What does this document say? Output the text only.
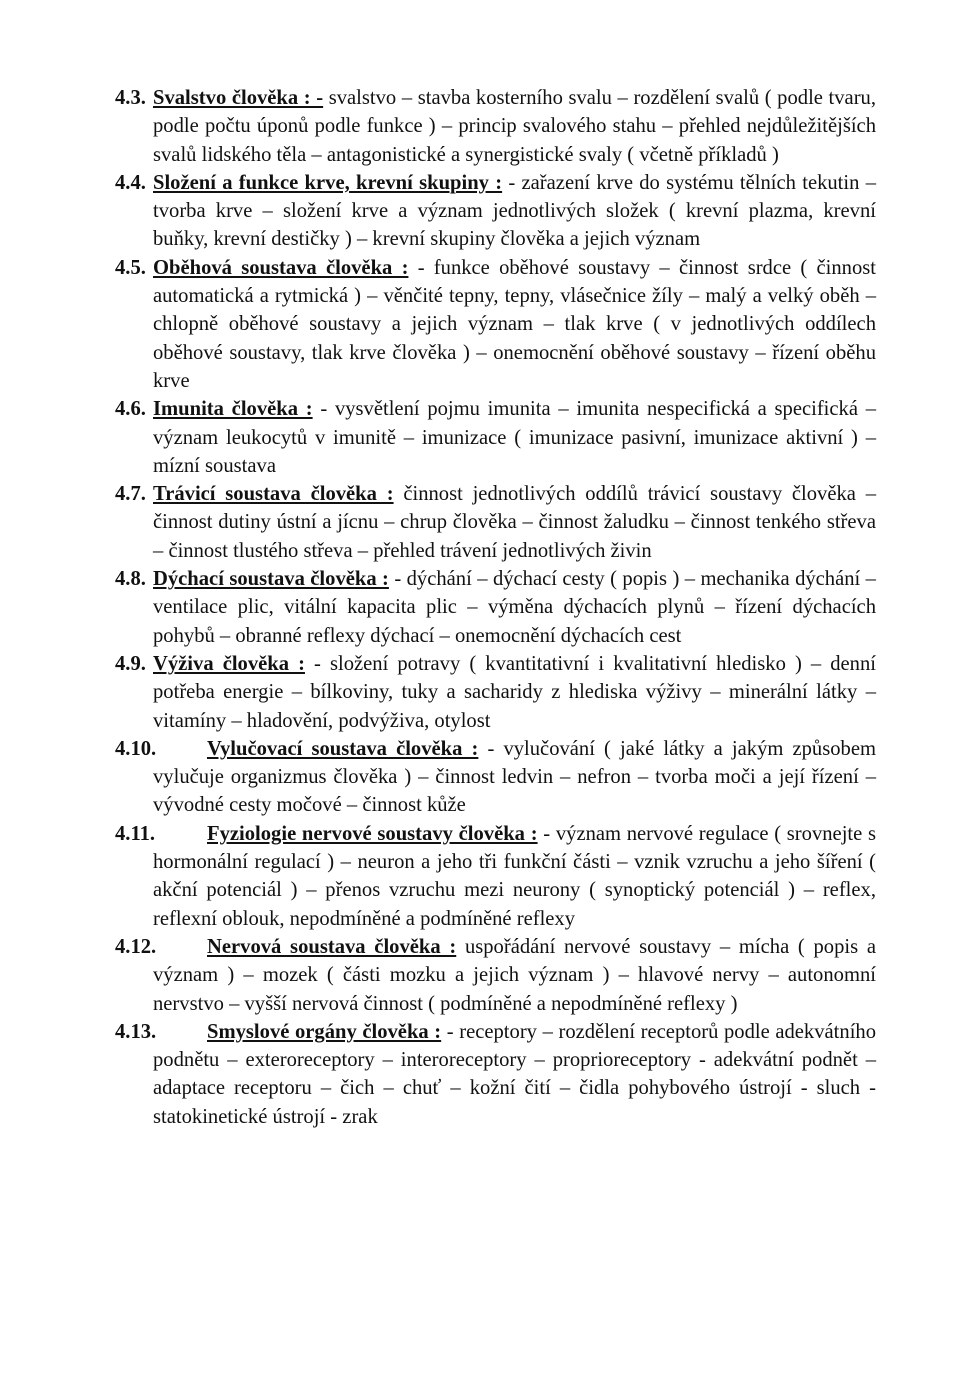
4.3. Svalstvo člověka : - svalstvo – stavba kosterního svalu – rozdělení svalů ( podle tvaru, podle počtu úponů podle funkce ) – princip svalového stahu – přehled nejdůležitějších svalů lidského těla – antagonistické a synergistické svaly ( včetně příkladů )
4.4. Složení a funkce krve, krevní skupiny : - zařazení krve do systému tělních tekutin – tvorba krve – složení krve a význam jednotlivých složek ( krevní plazma, krevní buňky, krevní destičky ) – krevní skupiny člověka a jejich význam
4.5. Oběhová soustava člověka : - funkce oběhové soustavy – činnost srdce ( činnost automatická a rytmická ) – věnčité tepny, tepny, vlásečnice žíly – malý a velký oběh – chlopně oběhové soustavy a jejich význam – tlak krve ( v jednotlivých oddílech oběhové soustavy, tlak krve člověka ) – onemocnění oběhové soustavy – řízení oběhu krve
4.6. Imunita člověka : - vysvětlení pojmu imunita – imunita nespecifická a specifická – význam leukocytů v imunitě – imunizace ( imunizace pasivní, imunizace aktivní ) – mízní soustava
4.7. Trávicí soustava člověka : činnost jednotlivých oddílů trávicí soustavy člověka – činnost dutiny ústní a jícnu – chrup člověka – činnost žaludku – činnost tenkého střeva – činnost tlustého střeva – přehled trávení jednotlivých živin
4.8. Dýchací soustava člověka : - dýchání – dýchací cesty ( popis ) – mechanika dýchání – ventilace plic, vitální kapacita plic – výměna dýchacích plynů – řízení dýchacích pohybů – obranné reflexy dýchací – onemocnění dýchacích cest
4.9. Výživa člověka : - složení potravy ( kvantitativní i kvalitativní hledisko ) – denní potřeba energie – bílkoviny, tuky a sacharidy z hlediska výživy – minerální látky – vitamíny – hladovění, podvýživa, otylost
4.10. Vylučovací soustava člověka : - vylučování ( jaké látky a jakým způsobem vylučuje organizmus člověka ) – činnost ledvin – nefron – tvorba moči a její řízení – vývodné cesty močové – činnost kůže
4.11.	Fyziologie nervové soustavy člověka : - význam nervové regulace ( srovnejte s hormonální regulací ) – neuron a jeho tři funkční části – vznik vzruchu a jeho šíření ( akční potenciál ) – přenos vzruchu mezi neurony ( synoptický potenciál ) – reflex, reflexní oblouk, nepodmíněné a podmíněné reflexy
4.12. Nervová soustava člověka : uspořádání nervové soustavy – mícha ( popis a význam ) – mozek ( části mozku a jejich význam ) – hlavové nervy – autonomní nervstvo – vyšší nervová činnost ( podmíněné a nepodmíněné reflexy )
4.13. Smyslové orgány člověka : - receptory – rozdělení receptorů podle adekvátního podnětu – exteroreceptory – interoreceptory – proprioreceptory - adekvátní podnět – adaptace receptoru – čich – chuť – kožní čití – čidla pohybového ústrojí - sluch - statokinetické ústrojí - zrak
